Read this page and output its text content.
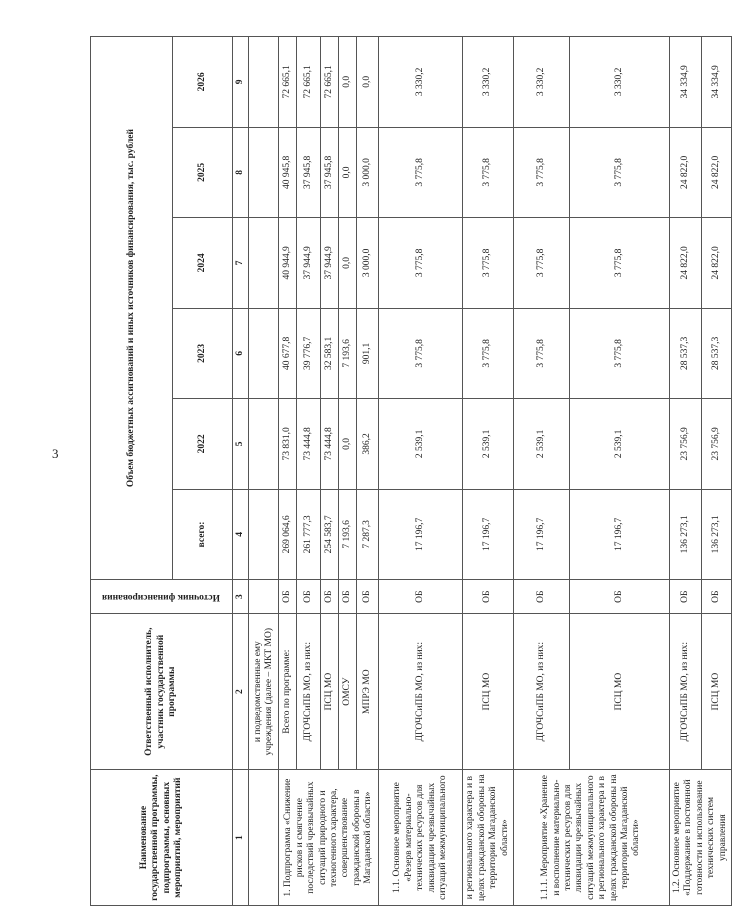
3
Наименование государственной программы, подпрограммы, основных мероприятий, мероприятий	Ответственный исполнитель, участник государственной программы	Источник финансирования	Объем бюджетных ассигнований и иных источников финансирования, тыс. рублей					
			всего:	2022	2023	2024	2025	2026
1	2	3	4	5	6	7	8	9
	и подведомственные ему учреждения (далее – МКТ МО)							
1. Подпрограмма «Снижение рисков и смягчение последствий чрезвычайных ситуаций природного и техногенного характера, совершенствование гражданской обороны в Магаданской области»	Всего по программе:	ОБ	269 064,6	73 831,0	40 677,8	40 944,9	40 945,8	72 665,1
	ДГОЧСиПБ МО, из них:	ОБ	261 777,3	73 444,8	39 776,7	37 944,9	37 945,8	72 665,1
	ПСЦ МО	ОБ	254 583,7	73 444,8	32 583,1	37 944,9	37 945,8	72 665,1
	ОМСУ	ОБ	7 193,6	0,0	7 193,6	0,0	0,0	0,0
	МПРЭ МО	ОБ	7 287,3	386,2	901,1	3 000,0	3 000,0	0,0
1.1. Основное мероприятие «Резерв материально-технических ресурсов для ликвидации чрезвычайных ситуаций межмуниципального	ДГОЧСиПБ МО, из них:	ОБ	17 196,7	2 539,1	3 775,8	3 775,8	3 775,8	3 330,2
и регионального характера и в целях гражданской обороны на территории Магаданской области»	ПСЦ МО	ОБ	17 196,7	2 539,1	3 775,8	3 775,8	3 775,8	3 330,2
1.1.1. Мероприятие «Хранение и восполнение материально-технических ресурсов для ликвидации чрезвычайных ситуаций межмуниципального и регионального характера и в целях гражданской обороны на территории Магаданской области»	ДГОЧСиПБ МО, из них:	ОБ	17 196,7	2 539,1	3 775,8	3 775,8	3 775,8	3 330,2
	ПСЦ МО	ОБ	17 196,7	2 539,1	3 775,8	3 775,8	3 775,8	3 330,2
1.2. Основное мероприятие «Поддержание в постоянной готовности и использование технических систем управления	ДГОЧСиПБ МО, из них:	ОБ	136 273,1	23 756,9	28 537,3	24 822,0	24 822,0	34 334,9
	ПСЦ МО	ОБ	136 273,1	23 756,9	28 537,3	24 822,0	24 822,0	34 334,9
